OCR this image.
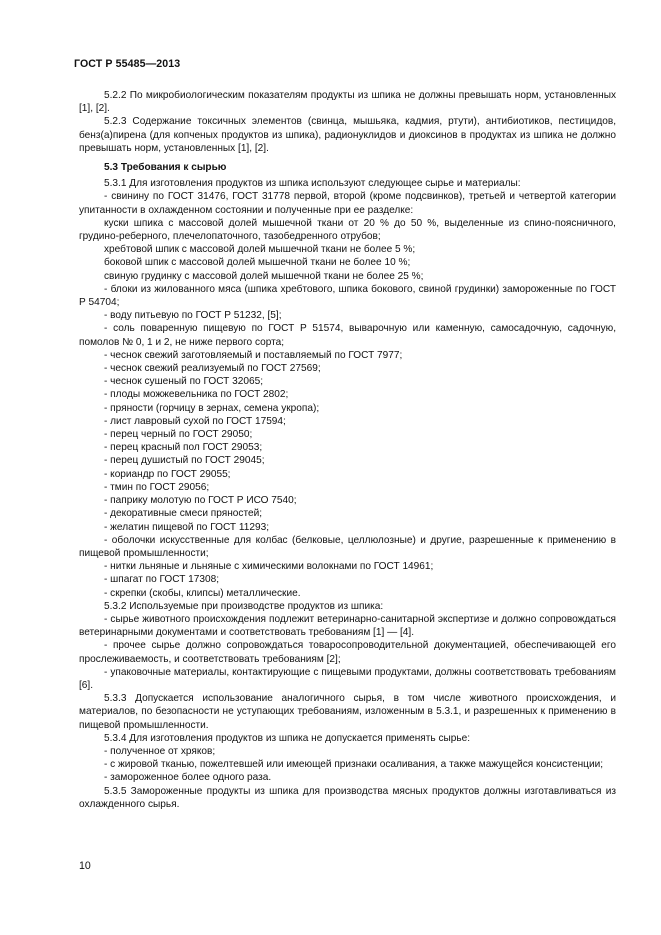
ГОСТ Р 55485—2013

5.2.2 По микробиологическим показателям продукты из шпика не должны превышать норм, установленных [1], [2].

5.2.3 Содержание токсичных элементов (свинца, мышьяка, кадмия, ртути), антибиотиков, пестицидов, бенз(а)пирена (для копченых продуктов из шпика), радионуклидов и диоксинов в продуктах из шпика не должно превышать норм, установленных [1], [2].

5.3 Требования к сырью

5.3.1 Для изготовления продуктов из шпика используют следующее сырье и материалы:

- свинину по ГОСТ 31476, ГОСТ 31778 первой, второй (кроме подсвинков), третьей и четвертой категории упитанности в охлажденном состоянии и полученные при ее разделке:

куски шпика с массовой долей мышечной ткани от 20 % до 50 %, выделенные из спино-поясничного, грудино-реберного, плечелопаточного, тазобедренного отрубов;

хребтовой шпик с массовой долей мышечной ткани не более 5 %;

боковой шпик с массовой долей мышечной ткани не более 10 %;

свиную грудинку с массовой долей мышечной ткани не более 25 %;

- блоки из жилованного мяса (шпика хребтового, шпика бокового, свиной грудинки) замороженные по ГОСТ Р 54704;

- воду питьевую по ГОСТ Р 51232, [5];

- соль поваренную пищевую по ГОСТ Р 51574, выварочную или каменную, самосадочную, садочную, помолов № 0, 1 и 2, не ниже первого сорта;

- чеснок свежий заготовляемый и поставляемый по ГОСТ 7977;

- чеснок свежий реализуемый по ГОСТ 27569;

- чеснок сушеный по ГОСТ 32065;

- плоды можжевельника по ГОСТ 2802;

- пряности (горчицу в зернах, семена укропа);

- лист лавровый сухой по ГОСТ 17594;

- перец черный по ГОСТ 29050;

- перец красный пол ГОСТ 29053;

- перец душистый по ГОСТ 29045;

- кориандр по ГОСТ 29055;

- тмин по ГОСТ 29056;

- паприку молотую по ГОСТ Р ИСО 7540;

- декоративные смеси пряностей;

- желатин пищевой по ГОСТ 11293;

- оболочки искусственные для колбас (белковые, целлюлозные) и другие, разрешенные к применению в пищевой промышленности;

- нитки льняные и льняные с химическими волокнами по ГОСТ 14961;

- шпагат по ГОСТ 17308;

- скрепки (скобы, клипсы) металлические.

5.3.2 Используемые при производстве продуктов из шпика:

- сырье животного происхождения подлежит ветеринарно-санитарной экспертизе и должно сопровождаться ветеринарными документами и соответствовать требованиям [1] — [4].

- прочее сырье должно сопровождаться товаросопроводительной документацией, обеспечивающей его прослеживаемость, и соответствовать требованиям [2];

- упаковочные материалы, контактирующие с пищевыми продуктами, должны соответствовать требованиям [6].

5.3.3 Допускается использование аналогичного сырья, в том числе животного происхождения, и материалов, по безопасности не уступающих требованиям, изложенным в 5.3.1, и разрешенных к применению в пищевой промышленности.

5.3.4 Для изготовления продуктов из шпика не допускается применять сырье:

- полученное от хряков;

- с жировой тканью, пожелтевшей или имеющей признаки осаливания, а также мажущейся консистенции;

- замороженное более одного раза.

5.3.5 Замороженные продукты из шпика для производства мясных продуктов должны изготавливаться из охлажденного сырья.

10
